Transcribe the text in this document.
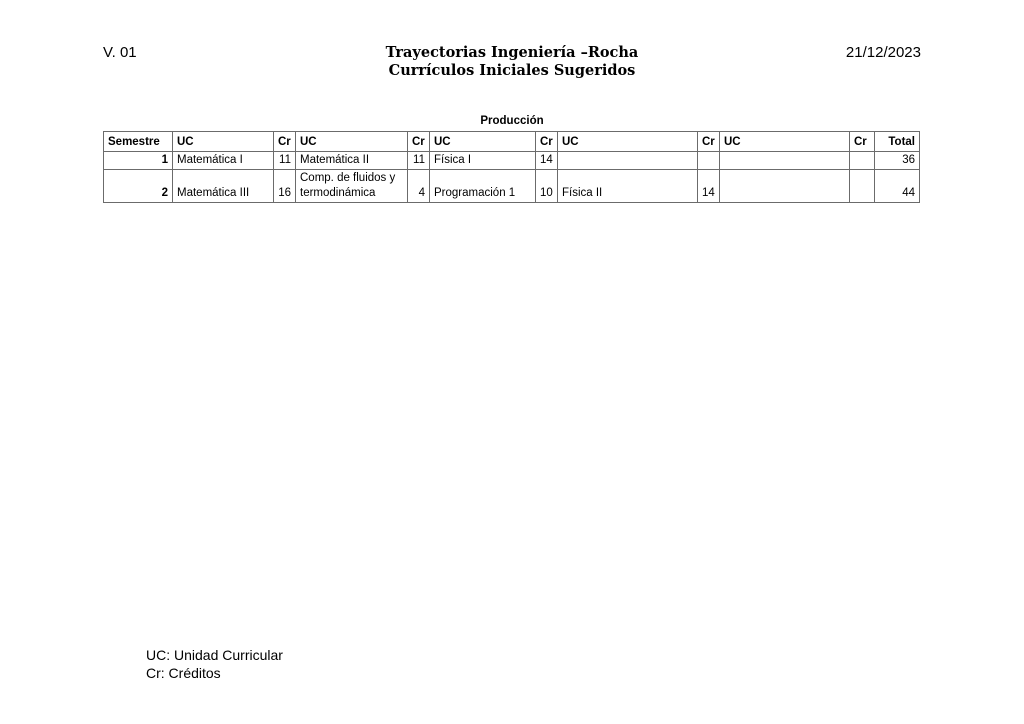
V. 01	Trayectorias Ingeniería –Rocha
Currículos Iniciales Sugeridos
21/12/2023
Producción
Semestre	UC	Cr	UC	Cr	UC	Cr	UC	Cr	UC	Cr	Total
1	Matemática I	11	Matemática II	11	Física I	14					36
2	Matemática III	16	Comp. de fluidos y
termodinámica	4	Programación 1	10	Física II	14			44
UC: Unidad Curricular
Cr: Créditos
